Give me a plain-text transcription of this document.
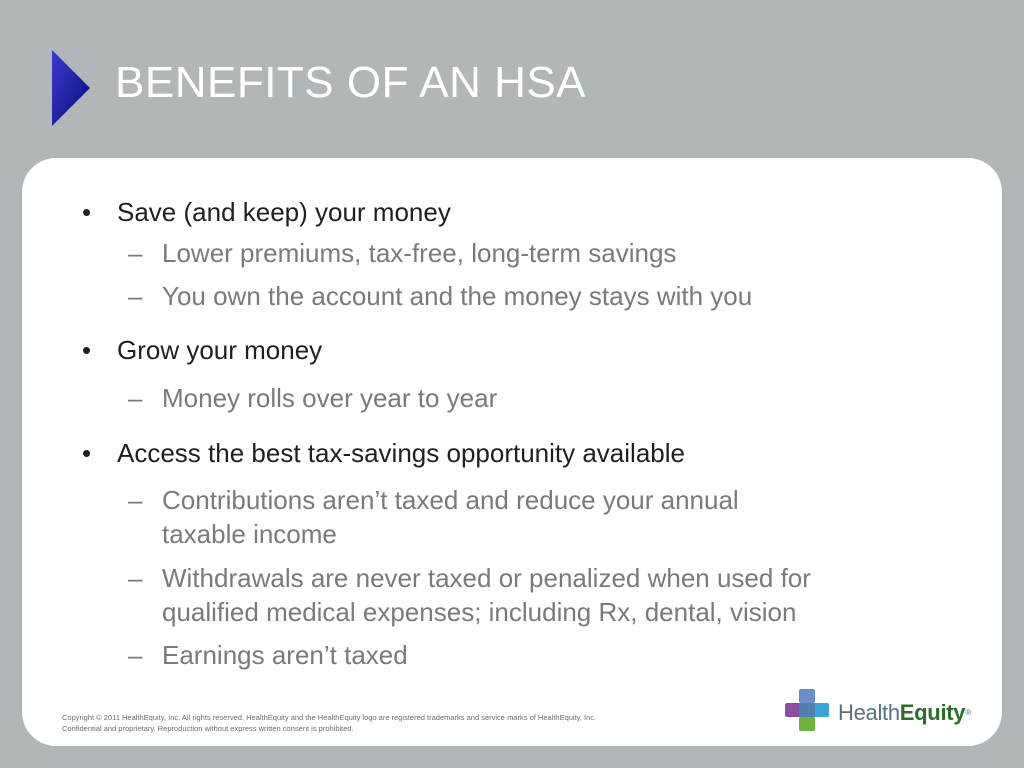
BENEFITS OF AN HSA
• Save (and keep) your money
– Lower premiums, tax-free, long-term savings
– You own the account and the money stays with you
• Grow your money
– Money rolls over year to year
• Access the best tax-savings opportunity available
– Contributions aren’t taxed and reduce your annual
taxable income
– Withdrawals are never taxed or penalized when used for
qualified medical expenses; including Rx, dental, vision
– Earnings aren’t taxed
Copyright © 2011 HealthEquity, Inc. All rights reserved. HealthEquity and the HealthEquity logo are registered trademarks and service marks of HealthEquity, Inc.
Confidential and proprietary. Reproduction without express written consent is prohibited.
HealthEquity®
